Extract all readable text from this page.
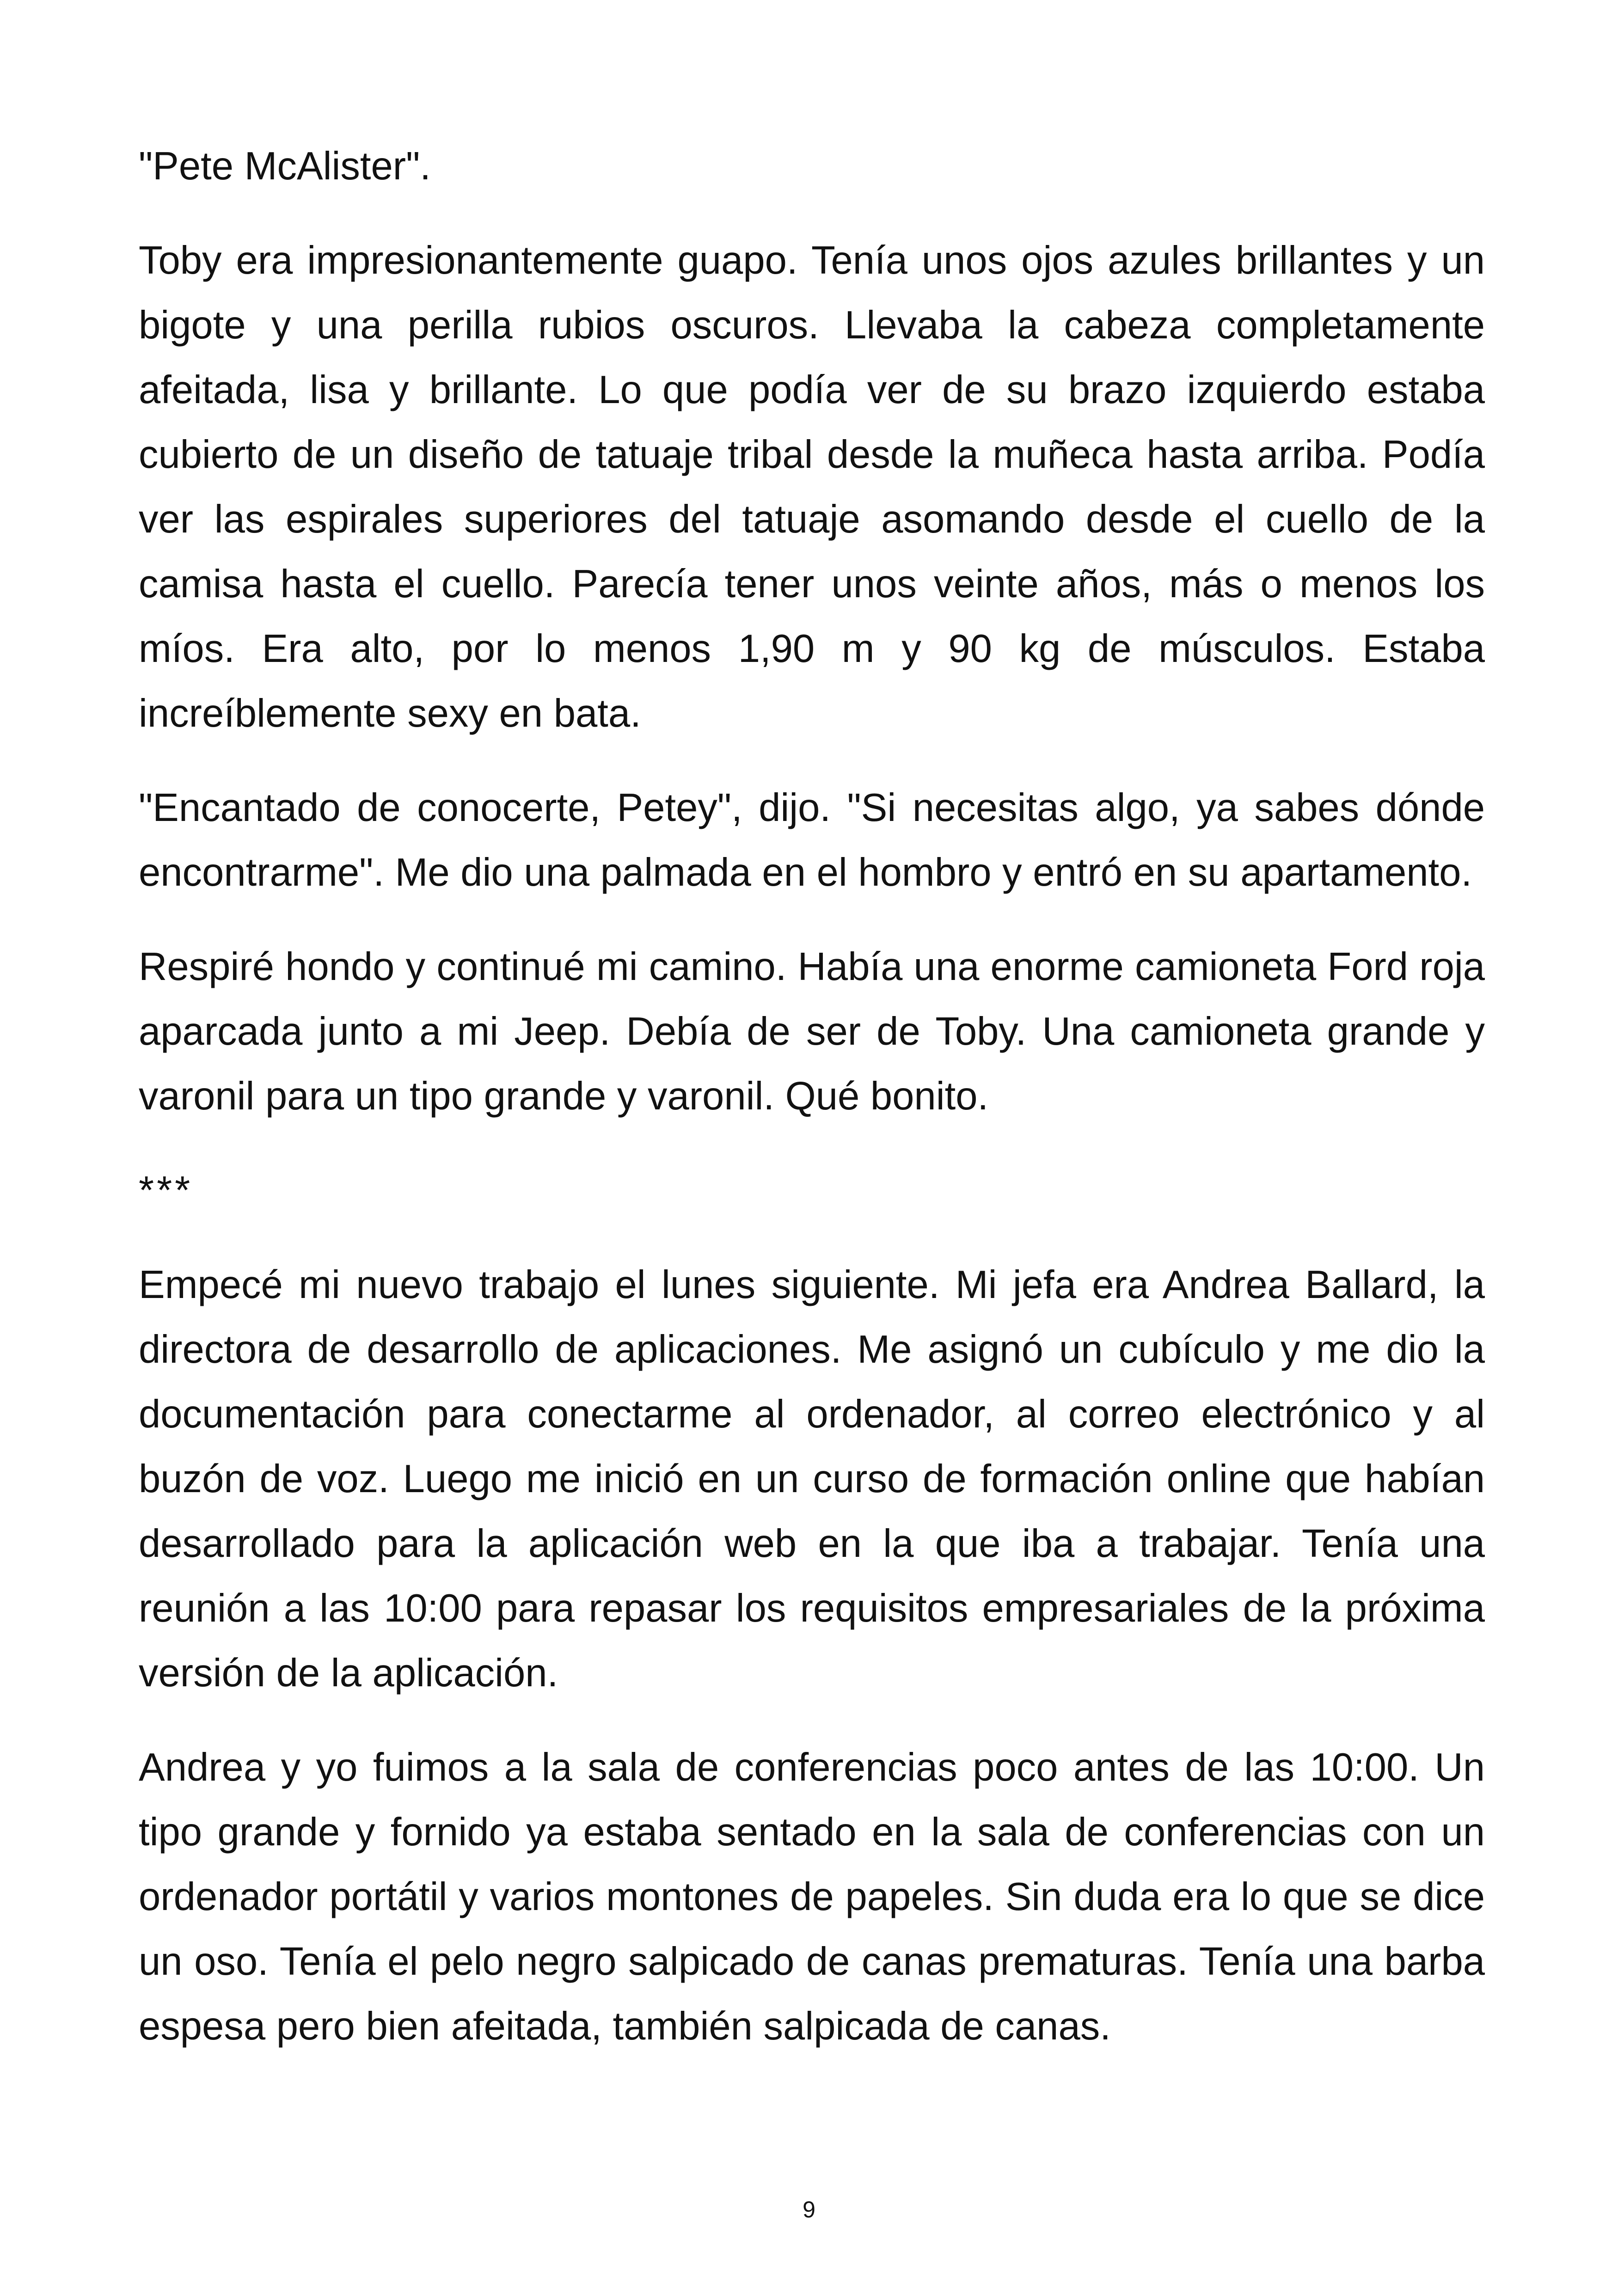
"Pete McAlister".

Toby era impresionantemente guapo. Tenía unos ojos azules brillantes y un bigote y una perilla rubios oscuros. Llevaba la cabeza completamente afeitada, lisa y brillante. Lo que podía ver de su brazo izquierdo estaba cubierto de un diseño de tatuaje tribal desde la muñeca hasta arriba. Podía ver las espirales superiores del tatuaje asomando desde el cuello de la camisa hasta el cuello. Parecía tener unos veinte años, más o menos los míos. Era alto, por lo menos 1,90 m y 90 kg de músculos. Estaba increíblemente sexy en bata.

"Encantado de conocerte, Petey", dijo. "Si necesitas algo, ya sabes dónde encontrarme". Me dio una palmada en el hombro y entró en su apartamento.

Respiré hondo y continué mi camino. Había una enorme camioneta Ford roja aparcada junto a mi Jeep. Debía de ser de Toby. Una camioneta grande y varonil para un tipo grande y varonil. Qué bonito.

***

Empecé mi nuevo trabajo el lunes siguiente. Mi jefa era Andrea Ballard, la directora de desarrollo de aplicaciones. Me asignó un cubículo y me dio la documentación para conectarme al ordenador, al correo electrónico y al buzón de voz. Luego me inició en un curso de formación online que habían desarrollado para la aplicación web en la que iba a trabajar. Tenía una reunión a las 10:00 para repasar los requisitos empresariales de la próxima versión de la aplicación.

Andrea y yo fuimos a la sala de conferencias poco antes de las 10:00. Un tipo grande y fornido ya estaba sentado en la sala de conferencias con un ordenador portátil y varios montones de papeles. Sin duda era lo que se dice un oso. Tenía el pelo negro salpicado de canas prematuras. Tenía una barba espesa pero bien afeitada, también salpicada de canas.

9
